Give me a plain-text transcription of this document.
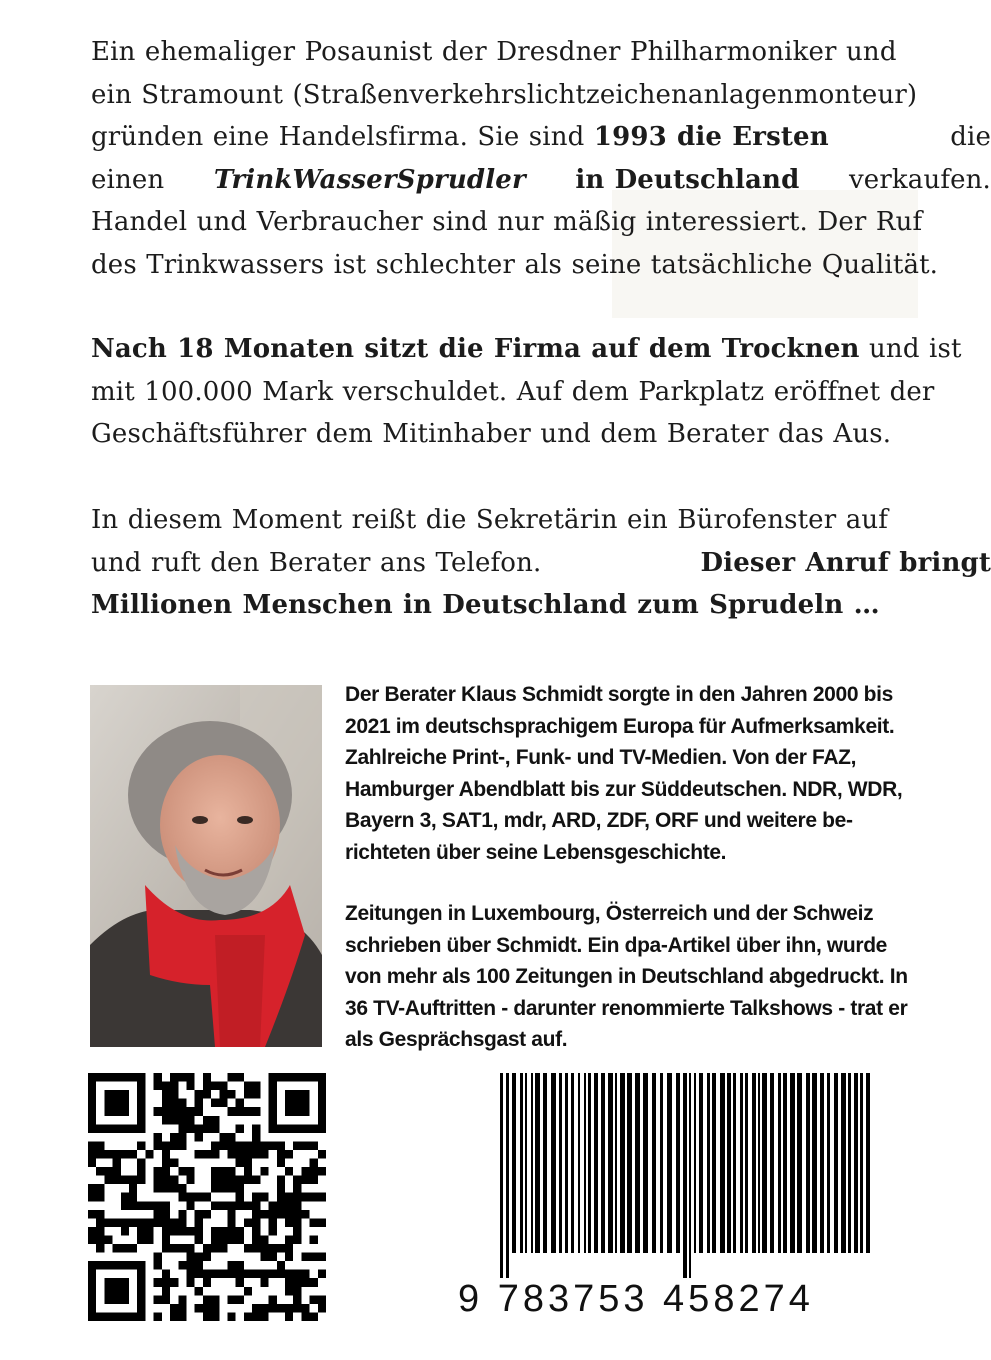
Ein ehemaliger Posaunist der Dresdner Philharmoniker und
ein Stramount (Straßenverkehrslichtzeichenanlagenmonteur)
gründen eine Handelsfirma. Sie sind 1993 die Ersten	die
einen TrinkWasserSprudler in Deutschland verkaufen.
Handel und Verbraucher sind nur mäßig interessiert. Der Ruf
des Trinkwassers ist schlechter als seine tatsächliche Qualität.
Nach 18 Monaten sitzt die Firma auf dem Trocknen und ist
mit 100.000 Mark verschuldet. Auf dem Parkplatz eröffnet der
Geschäftsführer dem Mitinhaber und dem Berater das Aus.
In diesem Moment reißt die Sekretärin ein Bürofenster auf
und ruft den Berater ans Telefon.	Dieser Anruf bringt
Millionen Menschen in Deutschland zum Sprudeln …
Der Berater Klaus Schmidt sorgte in den Jahren 2000 bis
2021 im deutschsprachigem Europa für Aufmerksamkeit.
Zahlreiche Print-, Funk- und TV-Medien. Von der FAZ,
Hamburger Abendblatt bis zur Süddeutschen. NDR, WDR,
Bayern 3, SAT1, mdr, ARD, ZDF, ORF und weitere be-
richteten über seine Lebensgeschichte.
Zeitungen in Luxembourg, Österreich und der Schweiz
schrieben über Schmidt. Ein dpa-Artikel über ihn, wurde
von mehr als 100 Zeitungen in Deutschland abgedruckt. In
36 TV-Auftritten - darunter renommierte Talkshows - trat er
als Gesprächsgast auf.
9 783753 458274
